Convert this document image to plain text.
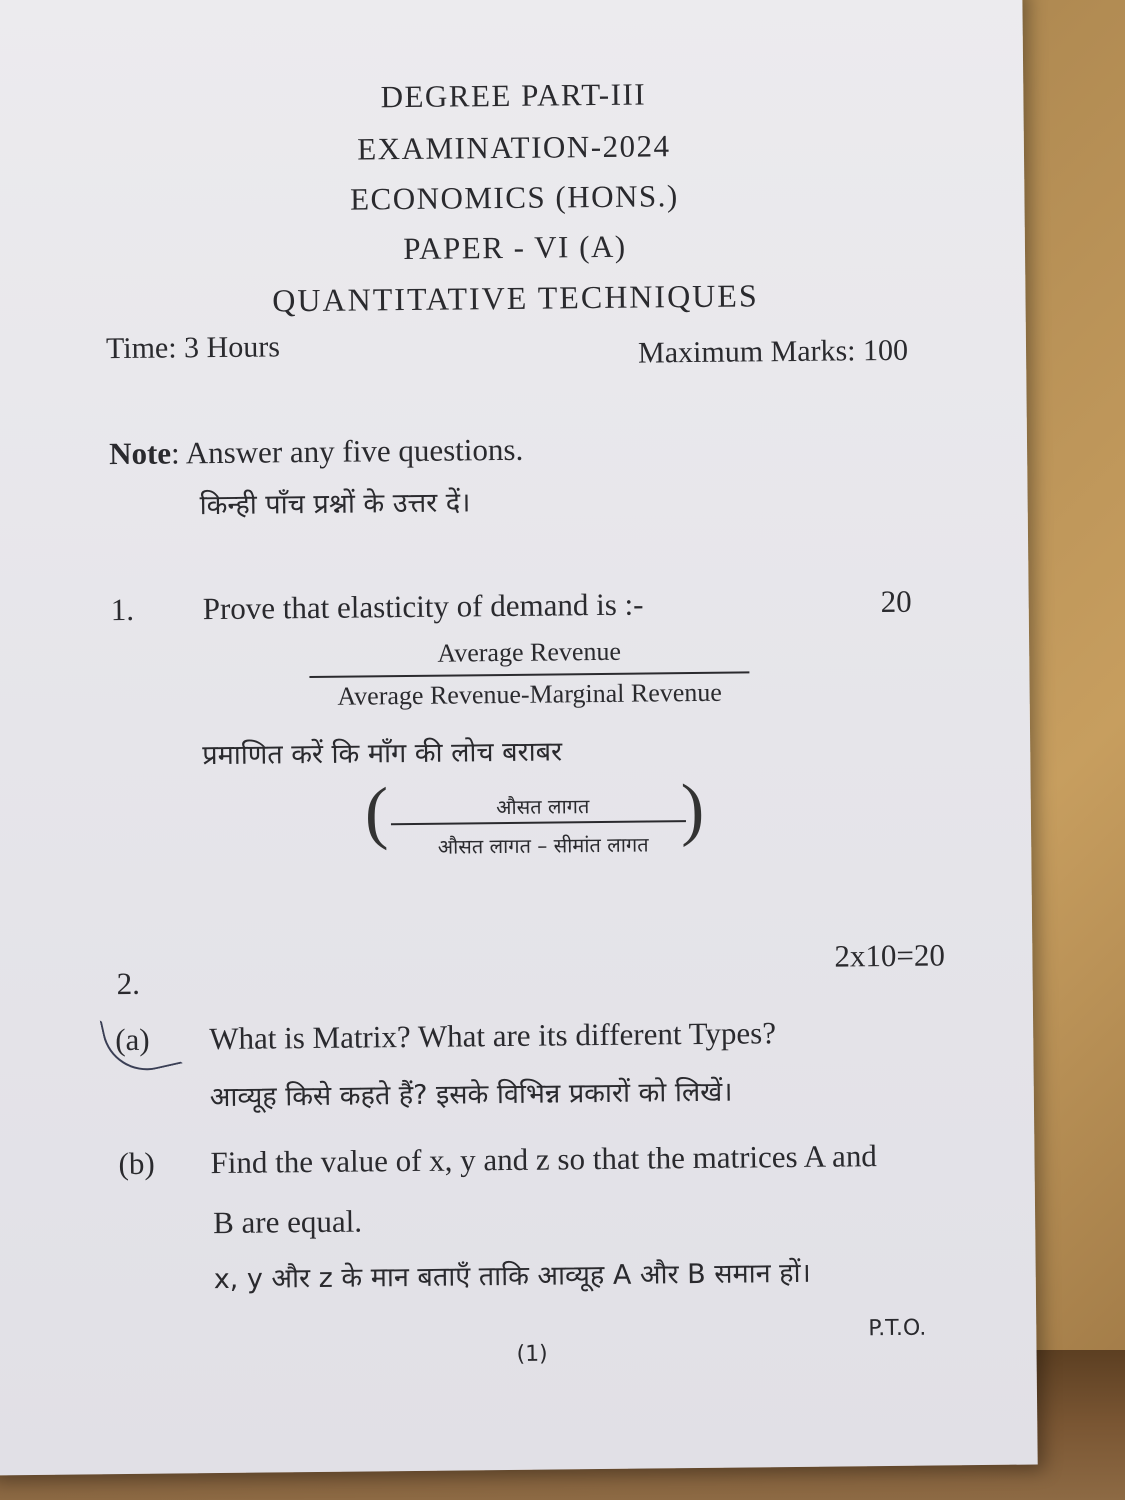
DEGREE PART-III
EXAMINATION-2024
ECONOMICS (HONS.)
PAPER - VI (A)
QUANTITATIVE TECHNIQUES
Time: 3 Hours	Maximum Marks: 100
Note: Answer any five questions.
किन्ही पाँच प्रश्नों के उत्तर दें।
1. Prove that elasticity of demand is :-	20
Average Revenue
Average Revenue-Marginal Revenue
प्रमाणित करें कि माँग की लोच बराबर
(	औसत लागत
औसत लागत – सीमांत लागत )
2x10=20
2.
(a) What is Matrix? What are its different Types?
आव्यूह किसे कहते हैं? इसके विभिन्न प्रकारों को लिखें।
(b) Find the value of x, y and z so that the matrices A and
B are equal.
x, y और z के मान बताएँ ताकि आव्यूह A और B समान हों।
P.T.O.
(1)
